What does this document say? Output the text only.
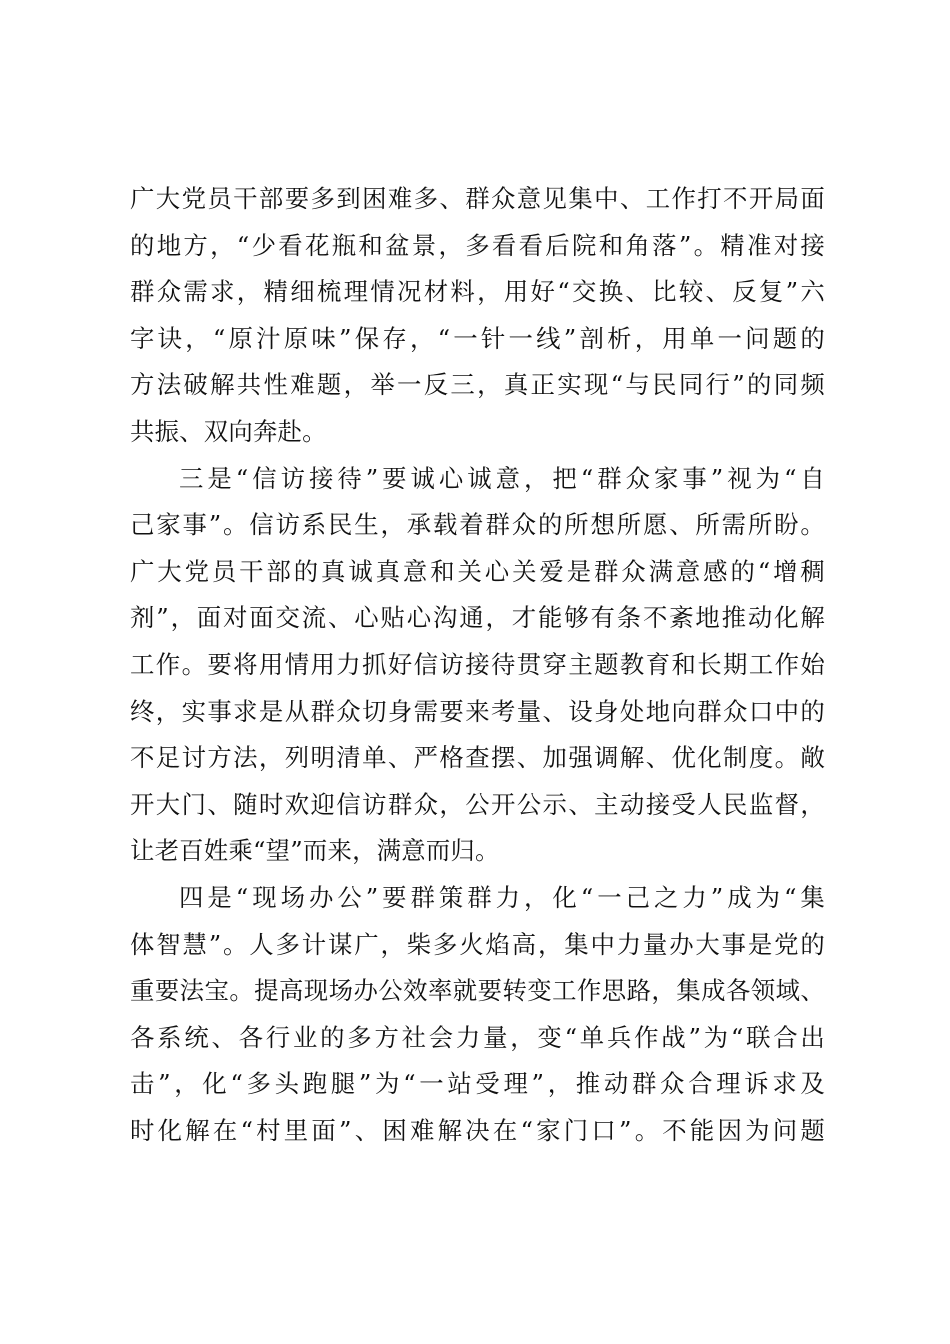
广大党员干部要多到困难多、群众意见集中、工作打不开局面
的地方，“少看花瓶和盆景，多看看后院和角落”。精准对接
群众需求，精细梳理情况材料，用好“交换、比较、反复”六
字诀，“原汁原味”保存，“一针一线”剖析，用单一问题的
方法破解共性难题，举一反三，真正实现“与民同行”的同频
共振、双向奔赴。
三是“信访接待”要诚心诚意，把“群众家事”视为“自
己家事”。信访系民生，承载着群众的所想所愿、所需所盼。
广大党员干部的真诚真意和关心关爱是群众满意感的“增稠
剂”，面对面交流、心贴心沟通，才能够有条不紊地推动化解
工作。要将用情用力抓好信访接待贯穿主题教育和长期工作始
终，实事求是从群众切身需要来考量、设身处地向群众口中的
不足讨方法，列明清单、严格查摆、加强调解、优化制度。敞
开大门、随时欢迎信访群众，公开公示、主动接受人民监督，
让老百姓乘“望”而来，满意而归。
四是“现场办公”要群策群力，化“一己之力”成为“集
体智慧”。人多计谋广，柴多火焰高，集中力量办大事是党的
重要法宝。提高现场办公效率就要转变工作思路，集成各领域、
各系统、各行业的多方社会力量，变“单兵作战”为“联合出
击”，化“多头跑腿”为“一站受理”，推动群众合理诉求及
时化解在“村里面”、困难解决在“家门口”。不能因为问题
